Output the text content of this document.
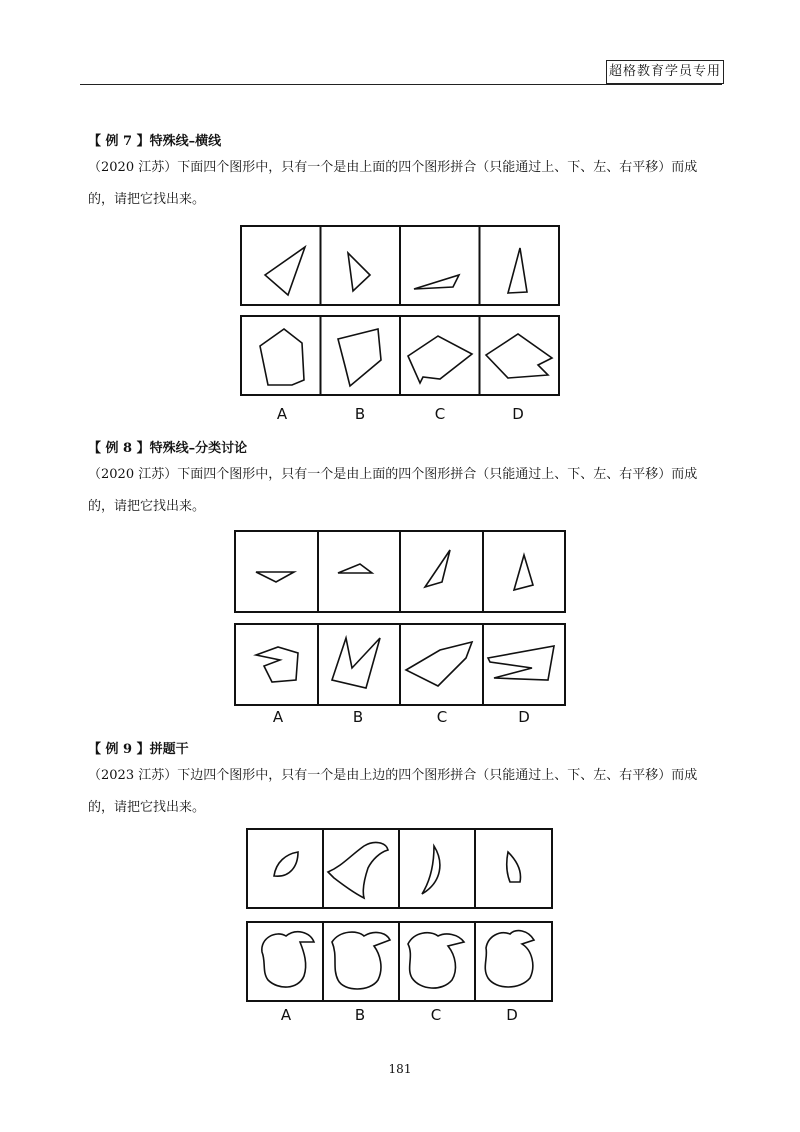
超格教育学员专用
【 例 7 】特殊线–横线
（2020 江苏）下面四个图形中，只有一个是由上面的四个图形拼合（只能通过上、下、左、右平移）而成
的，请把它找出来。
A	B	C	D
【 例 8 】特殊线–分类讨论
（2020 江苏）下面四个图形中，只有一个是由上面的四个图形拼合（只能通过上、下、左、右平移）而成
的，请把它找出来。
A	B	C	D
【 例 9 】拼题干
（2023 江苏）下边四个图形中，只有一个是由上边的四个图形拼合（只能通过上、下、左、右平移）而成
的，请把它找出来。
A	B	C	D
181
